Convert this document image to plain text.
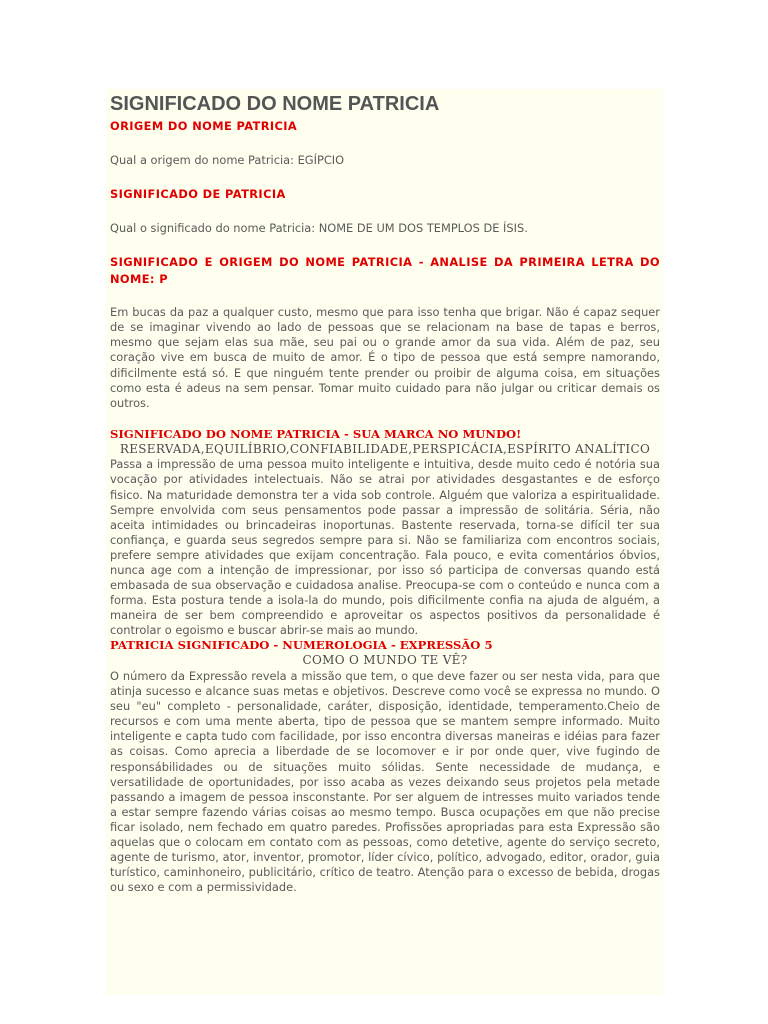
SIGNIFICADO DO NOME PATRICIA

ORIGEM DO NOME PATRICIA

Qual a origem do nome Patricia: EGÍPCIO

SIGNIFICADO DE PATRICIA

Qual o significado do nome Patricia: NOME DE UM DOS TEMPLOS DE ÍSIS.

SIGNIFICADO E ORIGEM DO NOME PATRICIA - ANALISE DA PRIMEIRA LETRA DO NOME: P

Em bucas da paz a qualquer custo, mesmo que para isso tenha que brigar. Não é capaz sequer de se imaginar vivendo ao lado de pessoas que se relacionam na base de tapas e berros, mesmo que sejam elas sua mãe, seu pai ou o grande amor da sua vida. Além de paz, seu coração vive em busca de muito de amor. É o tipo de pessoa que está sempre namorando, dificilmente está só. E que ninguém tente prender ou proibir de alguma coisa, em situações como esta é adeus na sem pensar. Tomar muito cuidado para não julgar ou criticar demais os outros.

SIGNIFICADO DO NOME PATRICIA - SUA MARCA NO MUNDO!

RESERVADA,EQUILÍBRIO,CONFIABILIDADE,PERSPICÁCIA,ESPÍRITO ANALÍTICO

Passa a impressão de uma pessoa muito inteligente e intuitiva, desde muito cedo é notória sua vocação por atividades intelectuais. Não se atrai por atividades desgastantes e de esforço fisico. Na maturidade demonstra ter a vida sob controle. Alguém que valoriza a espiritualidade. Sempre envolvida com seus pensamentos pode passar a impressão de solitária. Séria, não aceita intimidades ou brincadeiras inoportunas. Bastente reservada, torna-se difícil ter sua confiança, e guarda seus segredos sempre para si. Não se familiariza com encontros sociais, prefere sempre atividades que exijam concentração. Fala pouco, e evita comentários óbvios, nunca age com a intenção de impressionar, por isso só participa de conversas quando está embasada de sua observação e cuidadosa analise. Preocupa-se com o conteúdo e nunca com a forma. Esta postura tende a isola-la do mundo, pois dificilmente confia na ajuda de alguém, a maneira de ser bem compreendido e aproveitar os aspectos positivos da personalidade é controlar o egoismo e buscar abrir-se mais ao mundo.

PATRICIA SIGNIFICADO - NUMEROLOGIA - EXPRESSÃO 5

COMO O MUNDO TE VÊ?

O número da Expressão revela a missão que tem, o que deve fazer ou ser nesta vida, para que atinja sucesso e alcance suas metas e objetivos. Descreve como você se expressa no mundo. O seu "eu" completo - personalidade, caráter, disposição, identidade, temperamento.Cheio de recursos e com uma mente aberta, tipo de pessoa que se mantem sempre informado. Muito inteligente e capta tudo com facilidade, por isso encontra diversas maneiras e idéias para fazer as coisas. Como aprecia a liberdade de se locomover e ir por onde quer, vive fugindo de responsábilidades ou de situações muito sólidas. Sente necessidade de mudança, e versatilidade de oportunidades, por isso acaba as vezes deixando seus projetos pela metade passando a imagem de pessoa insconstante. Por ser alguem de intresses muito variados tende a estar sempre fazendo várias coisas ao mesmo tempo. Busca ocupações em que não precise ficar isolado, nem fechado em quatro paredes. Profissões apropriadas para esta Expressão são aquelas que o colocam em contato com as pessoas, como detetive, agente do serviço secreto, agente de turismo, ator, inventor, promotor, líder cívico, político, advogado, editor, orador, guia turístico, caminhoneiro, publicitário, crítico de teatro. Atenção para o excesso de bebida, drogas ou sexo e com a permissividade.
